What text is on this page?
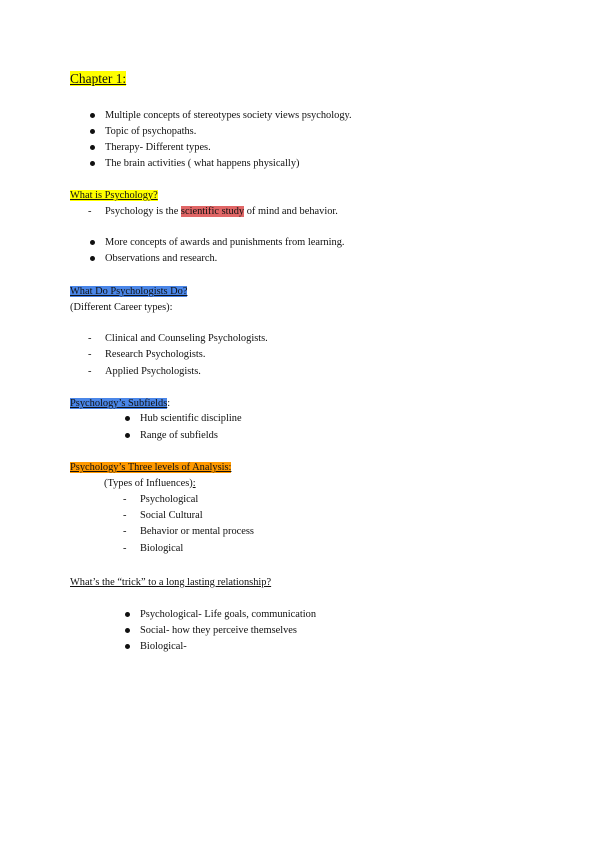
Chapter 1:
Multiple concepts of stereotypes society views psychology.
Topic of psychopaths.
Therapy- Different types.
The brain activities ( what happens physically)
What is Psychology?
- Psychology is the scientific study of mind and behavior.
More concepts of awards and punishments from learning.
Observations and research.
What Do Psychologists Do?
(Different Career types):
- Clinical and Counseling Psychologists.
- Research Psychologists.
- Applied Psychologists.
Psychology’s Subfields:
Hub scientific discipline
Range of subfields
Psychology’s Three levels of Analysis:
(Types of Influences):
- Psychological
- Social Cultural
- Behavior or mental process
- Biological
What’s the “trick” to a long lasting relationship?
Psychological- Life goals, communication
Social- how they perceive themselves
Biological-
